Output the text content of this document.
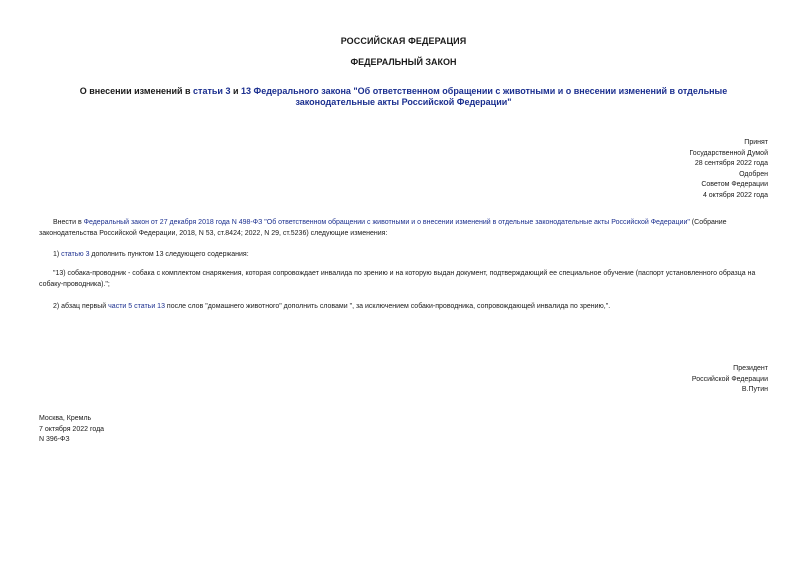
РОССИЙСКАЯ ФЕДЕРАЦИЯ
ФЕДЕРАЛЬНЫЙ ЗАКОН
О внесении изменений в статьи 3 и 13 Федерального закона "Об ответственном обращении с животными и о внесении изменений в отдельные законодательные акты Российской Федерации"
Принят
Государственной Думой
28 сентября 2022 года
Одобрен
Советом Федерации
4 октября 2022 года
Внести в Федеральный закон от 27 декабря 2018 года N 498-ФЗ "Об ответственном обращении с животными и о внесении изменений в отдельные законодательные акты Российской Федерации" (Собрание законодательства Российской Федерации, 2018, N 53, ст.8424; 2022, N 29, ст.5236) следующие изменения:
1) статью 3 дополнить пунктом 13 следующего содержания:
"13) собака-проводник - собака с комплектом снаряжения, которая сопровождает инвалида по зрению и на которую выдан документ, подтверждающий ее специальное обучение (паспорт установленного образца на собаку-проводника).";
2) абзац первый части 5 статьи 13 после слов "домашнего животного" дополнить словами ", за исключением собаки-проводника, сопровождающей инвалида по зрению,".
Президент
Российской Федерации
В.Путин
Москва, Кремль
7 октября 2022 года
N 396-ФЗ
